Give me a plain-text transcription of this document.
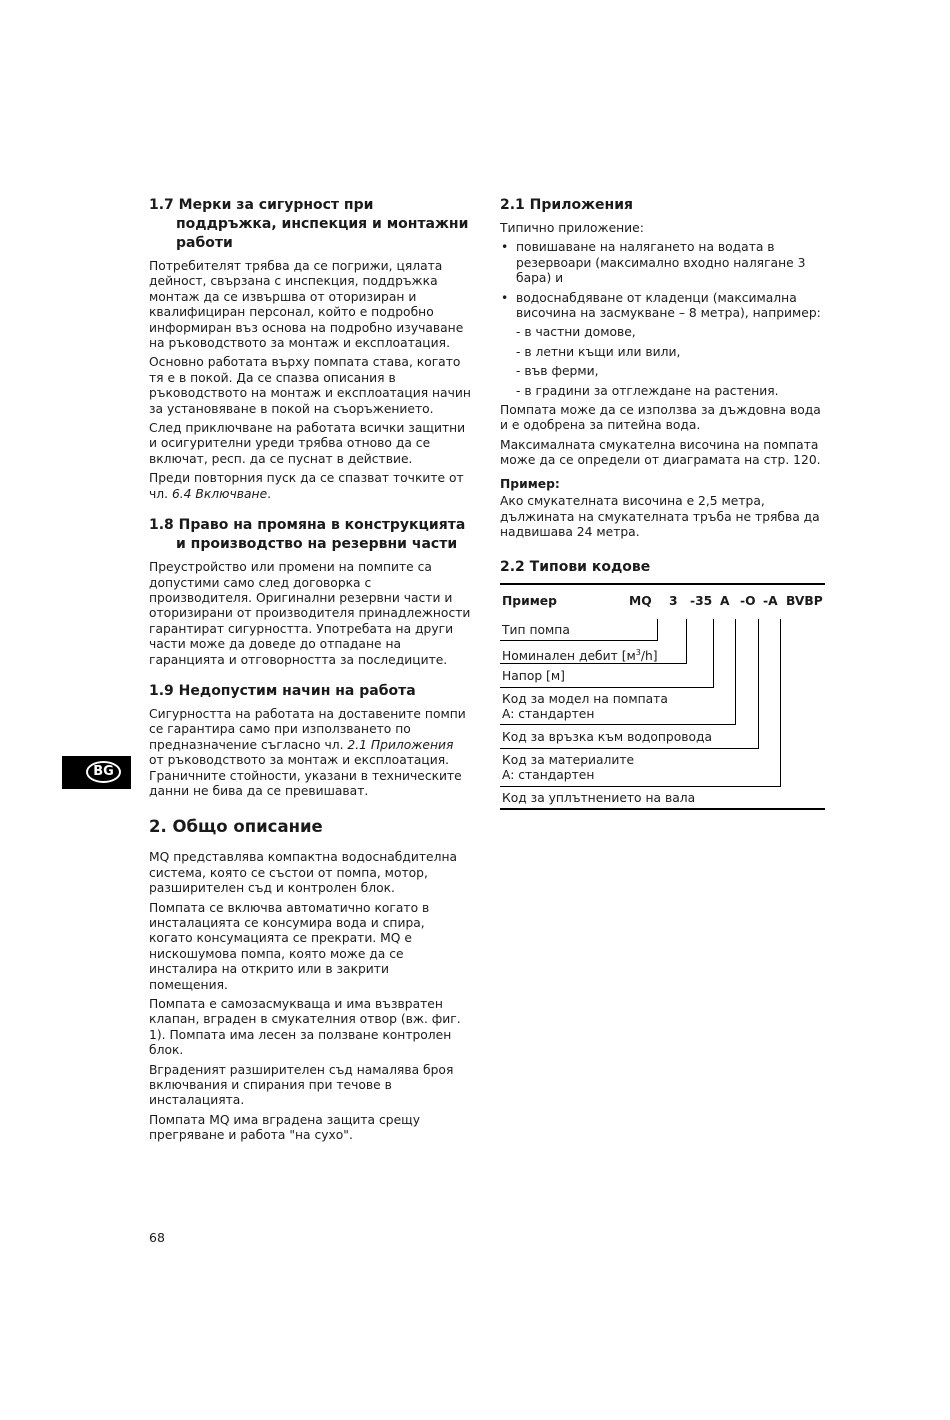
1.7 Мерки за сигурност при поддръжка, инспекция и монтажни работи

Потребителят трябва да се погрижи, цялата дейност, свързана с инспекция, поддръжка монтаж да се извършва от оторизиран и квалифициран персонал, който е подробно информиран въз основа на подробно изучаване на ръководството за монтаж и експлоатация.

Основно работата върху помпата става, когато тя е в покой. Да се спазва описания в ръководството на монтаж и експлоатация начин за установяване в покой на съоръжението.

След приключване на работата всички защитни и осигурителни уреди трябва отново да се включат, респ. да се пуснат в действие.

Преди повторния пуск да се спазват точките от чл. 6.4 Включване.

1.8 Право на промяна в конструкцията и производство на резервни части

Преустройство или промени на помпите са допустими само след договорка с производителя. Оригинални резервни части и оторизирани от производителя принадлежности гарантират сигурността. Употребата на други части може да доведе до отпадане на гаранцията и отговорността за последиците.

1.9 Недопустим начин на работа

Сигурността на работата на доставените помпи се гарантира само при използването по предназначение съгласно чл. 2.1 Приложения от ръководството за монтаж и експлоатация. Граничните стойности, указани в техническите данни не бива да се превишават.

2. Общо описание

MQ представлява компактна водоснабдителна система, която се състои от помпа, мотор, разширителен съд и контролен блок.

Помпата се включва автоматично когато в инсталацията се консумира вода и спира, когато консумацията се прекрати. MQ е нискошумова помпа, която може да се инсталира на открито или в закрити помещения.

Помпата е самозасмукваща и има възвратен клапан, вграден в смукателния отвор (вж. фиг. 1). Помпата има лесен за ползване контролен блок.

Вграденият разширителен съд намалява броя включвания и спирания при течове в инсталацията.

Помпата MQ има вградена защита срещу прегряване и работа "на сухо".

2.1 Приложения

Типично приложение:

• повишаване на налягането на водата в резервоари (максимално входно налягане 3 бара) и
• водоснабдяване от кладенци (максимална височина на засмукване – 8 метра), например:
- в частни домове,
- в летни къщи или вили,
- във ферми,
- в градини за отглеждане на растения.

Помпата може да се използва за дъждовна вода и е одобрена за питейна вода.

Максималната смукателна височина на помпата може да се определи от диаграмата на стр. 120.

Пример:

Ако смукателната височина е 2,5 метра, дължината на смукателната тръба не трябва да надвишава 24 метра.

2.2 Типови кодове
Пример	MQ 3 -35 A -O -A BVBP
Тип помпа
Номинален дебит $[м^3/h]$
Напор [м]
Код за модел на помпата
A: стандартен
Код за връзка към водопровода
Код за материалите
A: стандартен
Код за уплътнението на вала
BG
68
